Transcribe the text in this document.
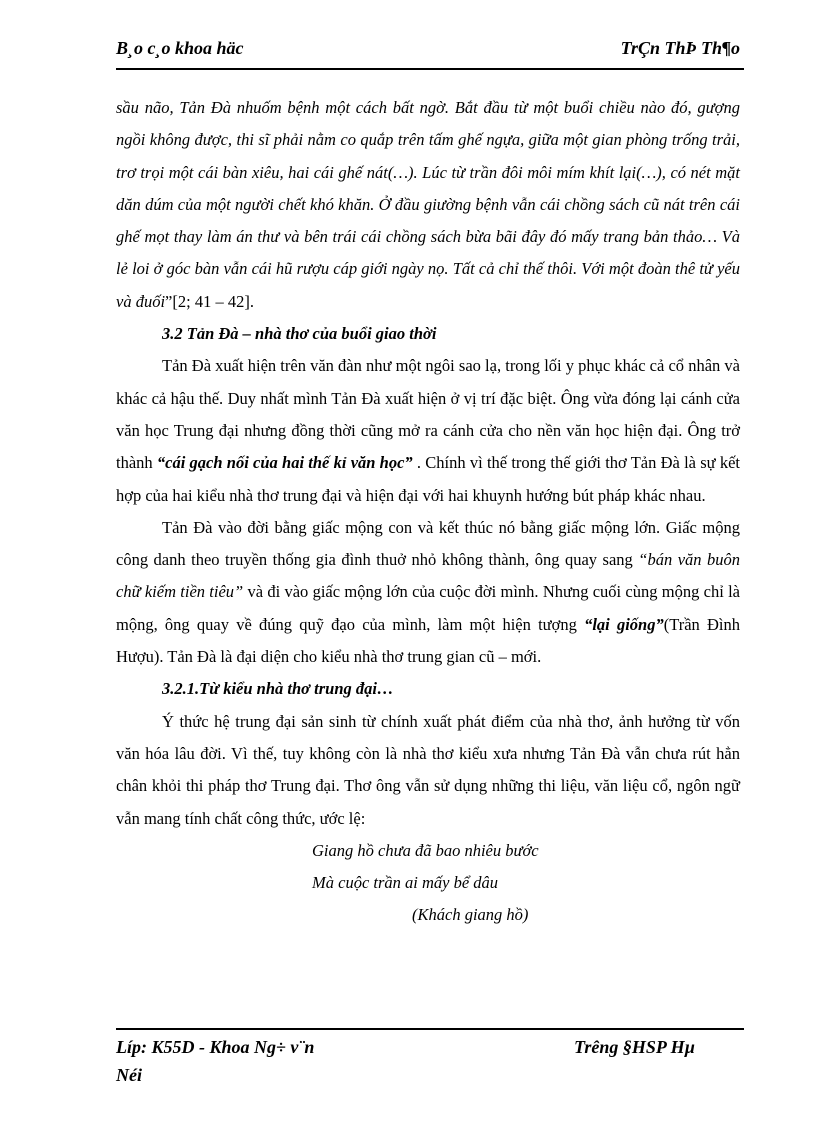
B¸o c¸o khoa häc	TrÇn ThÞ Th¶o

sầu não, Tản Đà nhuốm bệnh một cách bất ngờ. Bắt đầu từ một buổi chiều nào đó, gượng ngồi không được, thi sĩ phải nằm co quắp trên tấm ghế ngựa, giữa một gian phòng trống trải, trơ trọi một cái bàn xiêu, hai cái ghế nát(…). Lúc từ trần đôi môi mím khít lại(…), có nét mặt dăn dúm của một người chết khó khăn. Ở đầu giường bệnh vẫn cái chồng sách cũ nát trên cái ghế mọt thay làm án thư và bên trái cái chồng sách bừa bãi đây đó mấy trang bản thảo… Và lẻ loi ở góc bàn vẫn cái hũ rượu cáp giới ngày nọ. Tất cả chỉ thế thôi. Với một đoàn thê tử yếu và đuối”[2; 41 – 42].

3.2 Tản Đà – nhà thơ của buổi giao thời

Tản Đà xuất hiện trên văn đàn như một ngôi sao lạ, trong lối y phục khác cả cổ nhân và khác cả hậu thế. Duy nhất mình Tản Đà xuất hiện ở vị trí đặc biệt. Ông vừa đóng lại cánh cửa văn học Trung đại nhưng đồng thời cũng mở ra cánh cửa cho nền văn học hiện đại. Ông trở thành “cái gạch nối của hai thế kỉ văn học” . Chính vì thế trong thế giới thơ Tản Đà là sự kết hợp của hai kiểu nhà thơ trung đại và hiện đại với hai khuynh hướng bút pháp khác nhau.

Tản Đà vào đời bằng giấc mộng con và kết thúc nó bằng giấc mộng lớn. Giấc mộng công danh theo truyền thống gia đình thuở nhỏ không thành, ông quay sang “bán văn buôn chữ kiếm tiền tiêu” và đi vào giấc mộng lớn của cuộc đời mình. Nhưng cuối cùng mộng chỉ là mộng, ông quay về đúng quỹ đạo của mình, làm một hiện tượng “lại giống”(Trần Đình Hượu). Tản Đà là đại diện cho kiểu nhà thơ trung gian cũ – mới.

3.2.1.Từ kiểu nhà thơ trung đại…

Ý thức hệ trung đại sản sinh từ chính xuất phát điểm của nhà thơ, ảnh hưởng từ vốn văn hóa lâu đời. Vì thế, tuy không còn là nhà thơ kiểu xưa nhưng Tản Đà vẫn chưa rút hẳn chân khỏi thi pháp thơ Trung đại. Thơ ông vẫn sử dụng những thi liệu, văn liệu cổ, ngôn ngữ vẫn mang tính chất công thức, ước lệ:

Giang hồ chưa đã bao nhiêu bước

Mà cuộc trần ai mấy bể dâu

(Khách giang hồ)

Líp: K55D - Khoa Ng÷ v¨n
Néi
Trêng §HSP Hµ
